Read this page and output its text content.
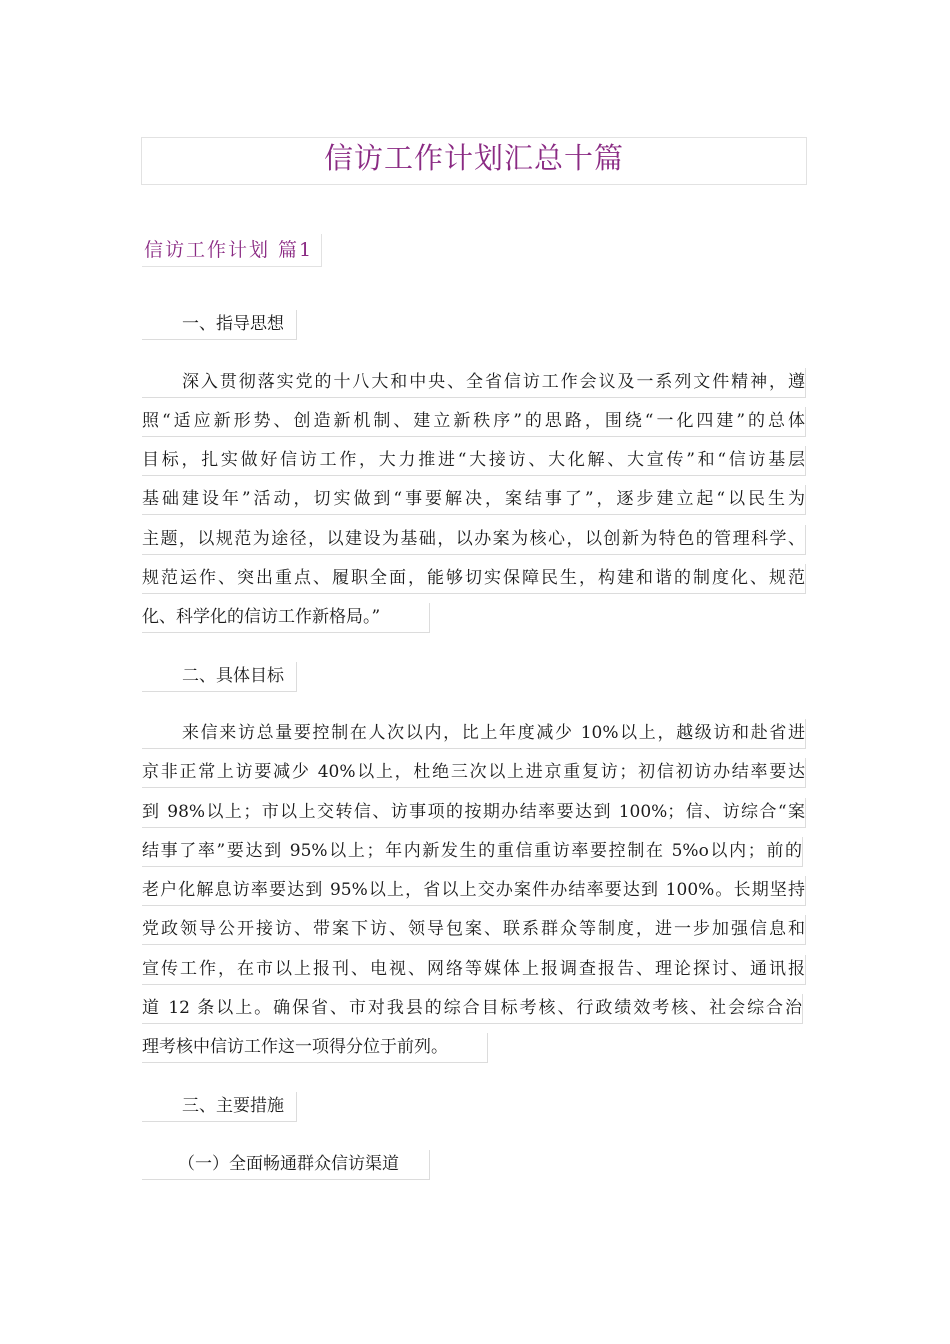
信访工作计划汇总十篇
信访工作计划 篇1
一、指导思想
深入贯彻落实党的十八大和中央、全省信访工作会议及一系列文件精神，遵
照“适应新形势、创造新机制、建立新秩序”的思路，围绕“一化四建”的总体
目标，扎实做好信访工作，大力推进“大接访、大化解、大宣传”和“信访基层
基础建设年”活动，切实做到“事要解决，案结事了”，逐步建立起“以民生为
主题，以规范为途径，以建设为基础，以办案为核心，以创新为特色的管理科学、
规范运作、突出重点、履职全面，能够切实保障民生，构建和谐的制度化、规范
化、科学化的信访工作新格局。”
二、具体目标
来信来访总量要控制在人次以内，比上年度减少 10%以上，越级访和赴省进
京非正常上访要减少 40%以上，杜绝三次以上进京重复访；初信初访办结率要达
到 98%以上；市以上交转信、访事项的按期办结率要达到 100%；信、访综合“案
结事了率”要达到 95%以上；年内新发生的重信重访率要控制在 5%o以内；前的
老户化解息访率要达到 95%以上，省以上交办案件办结率要达到 100%。长期坚持
党政领导公开接访、带案下访、领导包案、联系群众等制度，进一步加强信息和
宣传工作，在市以上报刊、电视、网络等媒体上报调查报告、理论探讨、通讯报
道 12 条以上。确保省、市对我县的综合目标考核、行政绩效考核、社会综合治
理考核中信访工作这一项得分位于前列。
三、主要措施
（一）全面畅通群众信访渠道
